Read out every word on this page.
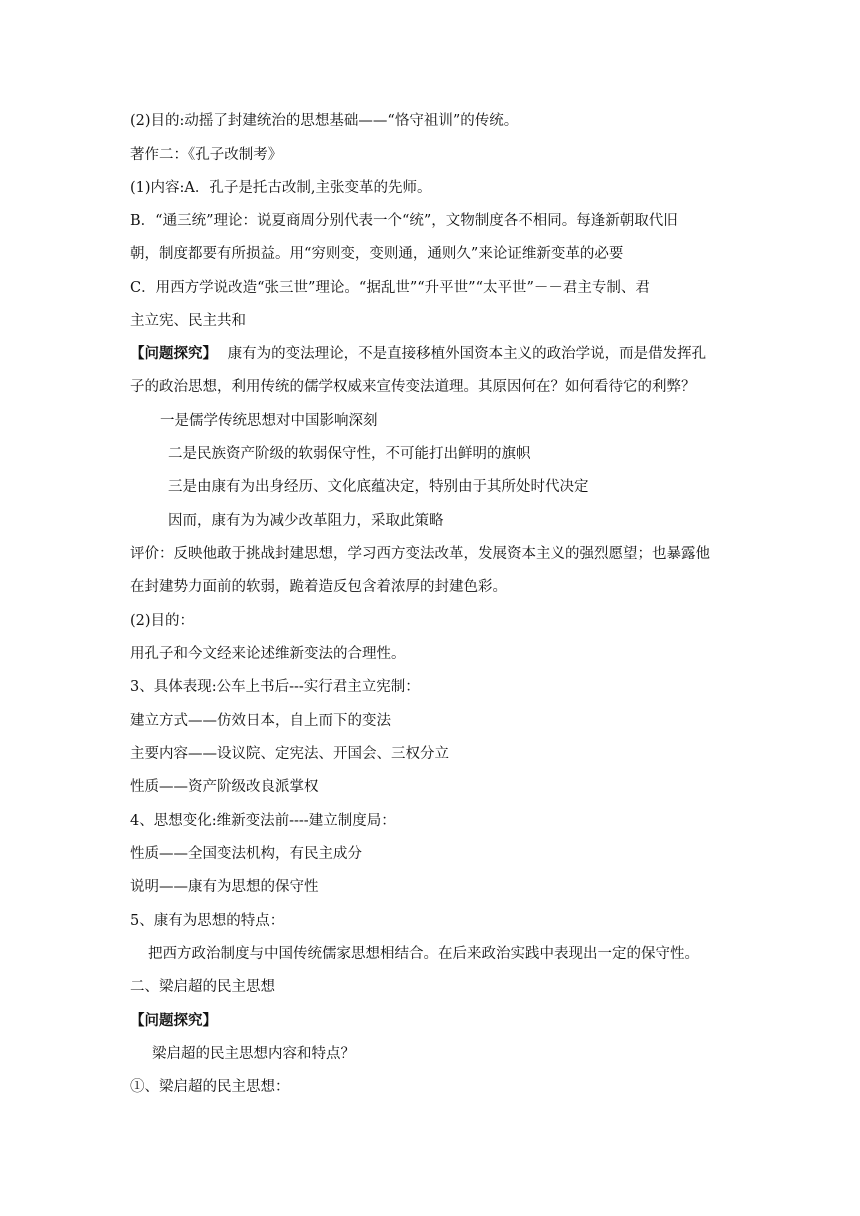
(2)目的:动摇了封建统治的思想基础——“恪守祖训”的传统。
著作二：《孔子改制考》
(1)内容:A．孔子是托古改制,主张变革的先师。
B．“通三统”理论：说夏商周分别代表一个“统”，文物制度各不相同。每逢新朝取代旧
朝，制度都要有所损益。用“穷则变，变则通，通则久”来论证维新变革的必要
C．用西方学说改造“张三世”理论。“据乱世”“升平世”“太平世”－－君主专制、君
主立宪、民主共和
【问题探究】 康有为的变法理论，不是直接移植外国资本主义的政治学说，而是借发挥孔
子的政治思想，利用传统的儒学权威来宣传变法道理。其原因何在？如何看待它的利弊？
一是儒学传统思想对中国影响深刻
二是民族资产阶级的软弱保守性，不可能打出鲜明的旗帜
三是由康有为出身经历、文化底蕴决定，特别由于其所处时代决定
因而，康有为为减少改革阻力，采取此策略
评价：反映他敢于挑战封建思想，学习西方变法改革，发展资本主义的强烈愿望；也暴露他
在封建势力面前的软弱，跪着造反包含着浓厚的封建色彩。
(2)目的：
用孔子和今文经来论述维新变法的合理性。
3、具体表现:公车上书后---实行君主立宪制：
建立方式——仿效日本，自上而下的变法
主要内容——设议院、定宪法、开国会、三权分立
性质——资产阶级改良派掌权
4、思想变化:维新变法前----建立制度局：
性质——全国变法机构，有民主成分
说明——康有为思想的保守性
5、康有为思想的特点：
把西方政治制度与中国传统儒家思想相结合。在后来政治实践中表现出一定的保守性。
二、梁启超的民主思想
【问题探究】
梁启超的民主思想内容和特点？
①、梁启超的民主思想：
